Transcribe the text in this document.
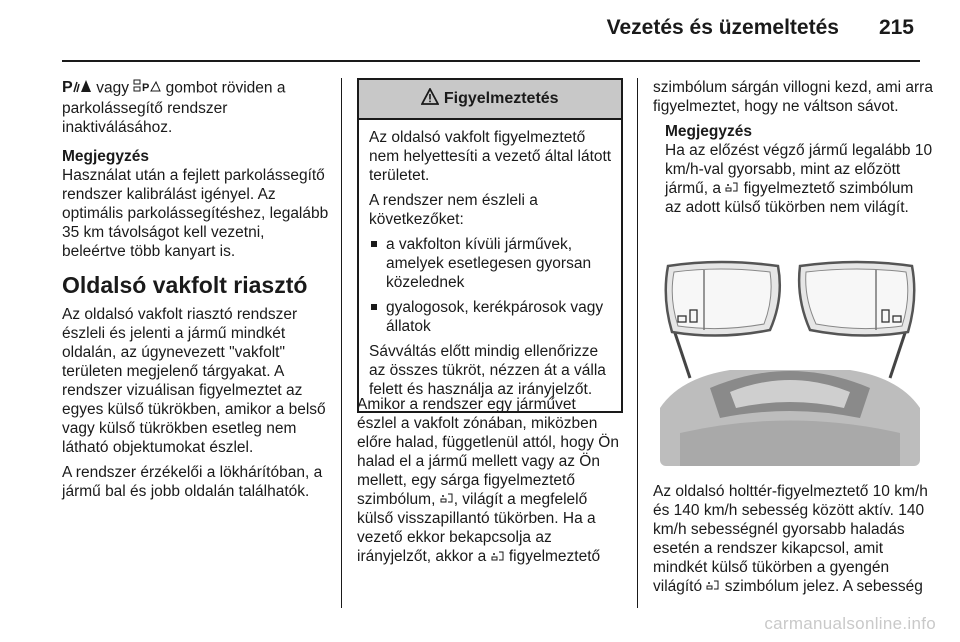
Vezetés és üzemeltetés 215

P vagy P gombot röviden a parkolássegítő rendszer inaktiválásához.

Megjegyzés
Használat után a fejlett parkolássegítő rendszer kalibrálást igényel. Az optimális parkolássegítéshez, legalább 35 km távolságot kell vezetni, beleértve több kanyart is.
Oldalsó vakfolt riasztó

Az oldalsó vakfolt riasztó rendszer észleli és jelenti a jármű mindkét oldalán, az úgynevezett "vakfolt" területen megjelenő tárgyakat. A rendszer vizuálisan figyelmeztet az egyes külső tükrökben, amikor a belső vagy külső tükrökben esetleg nem látható objektumokat észlel.

A rendszer érzékelői a lökhárítóban, a jármű bal és jobb oldalán találhatók.

Figyelmeztetés

Az oldalsó vakfolt figyelmeztető nem helyettesíti a vezető által látott területet.

A rendszer nem észleli a következőket:

a vakfolton kívüli járművek, amelyek esetlegesen gyorsan közelednek
gyalogosok, kerékpárosok vagy állatok

Sávváltás előtt mindig ellenőrizze az összes tükröt, nézzen át a válla felett és használja az irányjelzőt.

Amikor a rendszer egy járművet észlel a vakfolt zónában, miközben előre halad, függetlenül attól, hogy Ön halad el a jármű mellett vagy az Ön mellett, egy sárga figyelmeztető szimbólum, , világít a megfelelő külső visszapillantó tükörben. Ha a vezető ekkor bekapcsolja az irányjelzőt, akkor a  figyelmeztető

szimbólum sárgán villogni kezd, ami arra figyelmeztet, hogy ne váltson sávot.

Megjegyzés
Ha az előzést végző jármű legalább 10 km/h-val gyorsabb, mint az előzött jármű, a  figyelmeztető szimbólum az adott külső tükörben nem világít.
Az oldalsó holttér-figyelmeztető 10 km/h és 140 km/h sebesség között aktív. 140 km/h sebességnél gyorsabb haladás esetén a rendszer kikapcsol, amit mindkét külső tükörben a gyengén világító  szimbólum jelez. A sebesség
carmanualsonline.info
